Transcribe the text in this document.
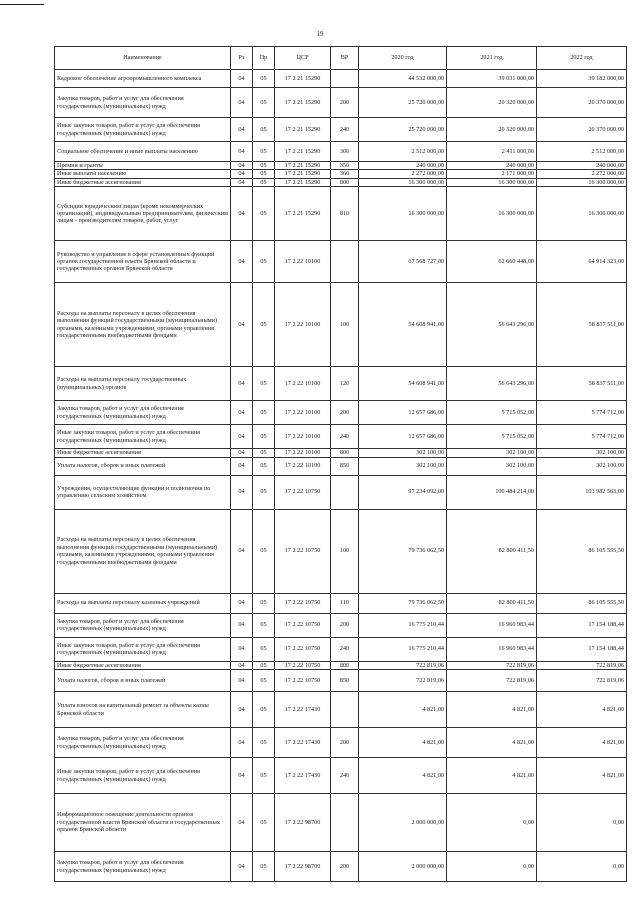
19
Наименование	Рз	Пр	ЦСР	ВР	2020 год	2021 год	2022 год
Кадровое обеспечение агропромышленного комплекса	04	05	17 2 21 15290		44 532 000,00	39 031 000,00	39 182 000,00
Закупка товаров, работ и услуг для обеспечения государственных (муниципальных) нужд	04	05	17 2 21 15290	200	25 720 000,00	20 320 000,00	20 370 000,00
Иные закупки товаров, работ и услуг для обеспечения государственных (муниципальных) нужд	04	05	17 2 21 15290	240	25 720 000,00	20 320 000,00	20 370 000,00
Социальное обеспечение и иные выплаты населению	04	05	17 2 21 15290	300	2 512 000,00	2 411 000,00	2 512 000,00
Премии и гранты	04	05	17 2 21 15290	350	240 000,00	240 000,00	240 000,00
Иные выплаты населению	04	05	17 2 21 15290	360	2 272 000,00	2 171 000,00	2 272 000,00
Иные бюджетные ассигнования	04	05	17 2 21 15290	800	16 300 000,00	16 300 000,00	16 300 000,00
Субсидии юридическим лицам (кроме некоммерческих организаций), индивидуальным предпринимателям, физическим лицам - производителям товаров, работ, услуг	04	05	17 2 21 15290	810	16 300 000,00	16 300 000,00	16 300 000,00
Руководство и управление в сфере установленных функций органов государственной власти Брянской области и государственных органов Брянской области	04	05	17 2 22 10100		67 568 727,00	62 660 448,00	64 914 323,00
Расходы на выплаты персоналу в целях обеспечения выполнения функций государственными (муниципальными) органами, казенными учреждениями, органами управления государственными внебюджетными фондами	04	05	17 2 22 10100	100	54 608 941,00	56 643 296,00	58 837 511,00
Расходы на выплаты персоналу государственных (муниципальных) органов	04	05	17 2 22 10100	120	54 608 941,00	56 643 296,00	58 837 511,00
Закупка товаров, работ и услуг для обеспечения государственных (муниципальных) нужд	04	05	17 2 22 10100	200	12 657 686,00	5 715 052,00	5 774 712,00
Иные закупки товаров, работ и услуг для обеспечения государственных (муниципальных) нужд	04	05	17 2 22 10100	240	12 657 686,00	5 715 052,00	5 774 712,00
Иные бюджетные ассигнования	04	05	17 2 22 10100	800	302 100,00	302 100,00	302 100,00
Уплата налогов, сборов и иных платежей	04	05	17 2 22 10100	850	302 100,00	302 100,00	302 100,00
Учреждения, осуществляющие функции и полномочия по управлению сельским хозяйством	04	05	17 2 22 10750		97 234 092,00	100 484 214,00	103 982 563,00
Расходы на выплаты персоналу в целях обеспечения выполнения функций государственными (муниципальными) органами, казенными учреждениями, органами управления государственными внебюджетными фондами	04	05	17 2 22 10750	100	79 736 062,50	82 800 411,50	86 105 555,50
Расходы на выплаты персоналу казенных учреждений	04	05	17 2 22 10750	110	79 736 062,50	82 800 411,50	86 105 555,50
Закупка товаров, работ и услуг для обеспечения государственных (муниципальных) нужд	04	05	17 2 22 10750	200	16 775 210,44	16 960 983,44	17 154 188,44
Иные закупки товаров, работ и услуг для обеспечения государственных (муниципальных) нужд	04	05	17 2 22 10750	240	16 775 210,44	16 960 983,44	17 154 188,44
Иные бюджетные ассигнования	04	05	17 2 22 10750	800	722 819,06	722 819,06	722 819,06
Уплата налогов, сборов и иных платежей	04	05	17 2 22 10750	850	722 819,06	722 819,06	722 819,06
Уплата взносов на капитальный ремонт за объекты казны Брянской области	04	05	17 2 22 17430		4 821,00	4 821,00	4 821,00
Закупка товаров, работ и услуг для обеспечения государственных (муниципальных) нужд	04	05	17 2 22 17430	200	4 821,00	4 821,00	4 821,00
Иные закупки товаров, работ и услуг для обеспечения государственных (муниципальных) нужд	04	05	17 2 22 17430	240	4 821,00	4 821,00	4 821,00
Информационное освещение деятельности органов государственной власти Брянской области и государственных органов Брянской области	04	05	17 2 22 98700		2 000 000,00	0,00	0,00
Закупка товаров, работ и услуг для обеспечения государственных (муниципальных) нужд	04	05	17 2 22 98700	200	2 000 000,00	0,00	0,00
